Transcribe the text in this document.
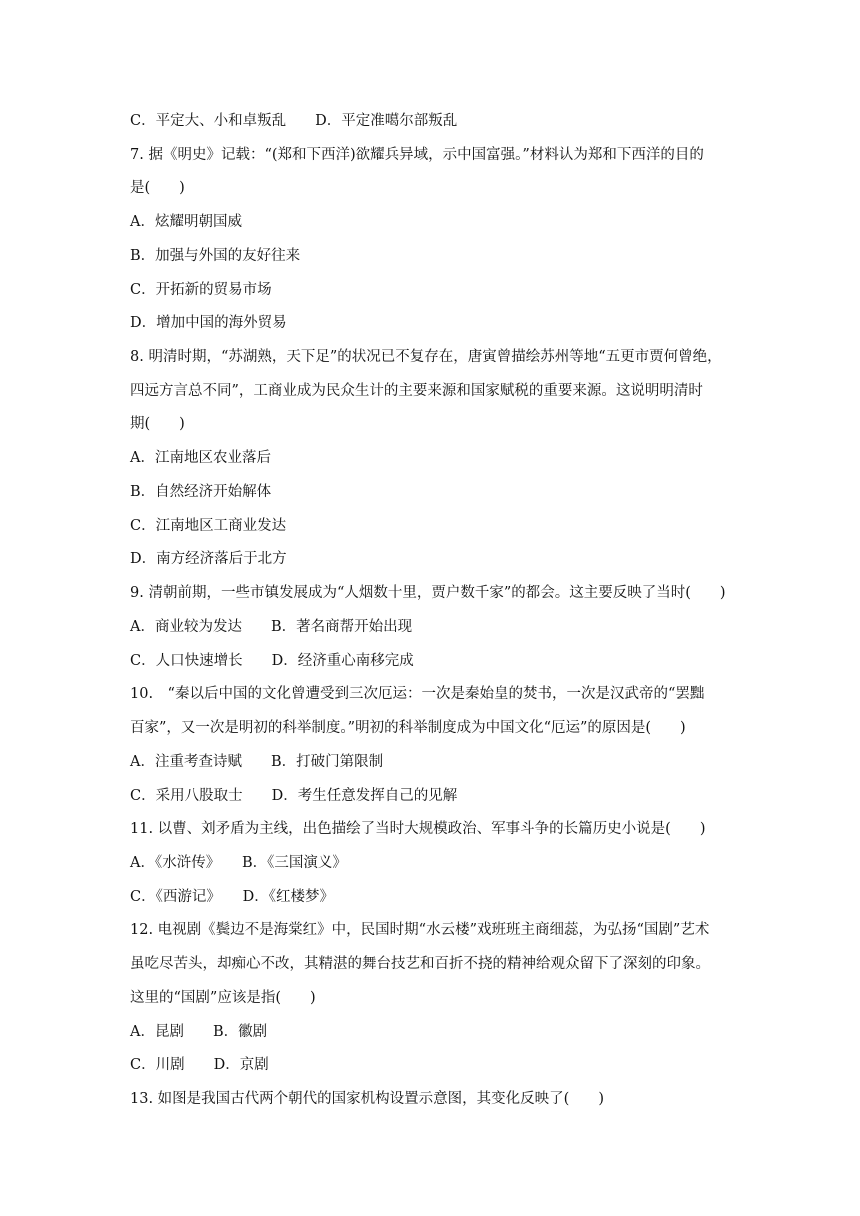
C．平定大、小和卓叛乱　　D．平定准噶尔部叛乱
7. 据《明史》记载：“(郑和下西洋)欲耀兵异域，示中国富强。”材料认为郑和下西洋的目的
是(　　)
A．炫耀明朝国威
B．加强与外国的友好往来
C．开拓新的贸易市场
D．增加中国的海外贸易
8. 明清时期，“苏湖熟，天下足”的状况已不复存在，唐寅曾描绘苏州等地“五更市贾何曾绝，
四远方言总不同”，工商业成为民众生计的主要来源和国家赋税的重要来源。这说明明清时
期(　　)
A．江南地区农业落后
B．自然经济开始解体
C．江南地区工商业发达
D．南方经济落后于北方
9. 清朝前期，一些市镇发展成为“人烟数十里，贾户数千家”的都会。这主要反映了当时(　　)
A．商业较为发达　　B．著名商帮开始出现
C．人口快速增长　　D．经济重心南移完成
10.　“秦以后中国的文化曾遭受到三次厄运：一次是秦始皇的焚书，一次是汉武帝的“罢黜
百家”，又一次是明初的科举制度。”明初的科举制度成为中国文化“厄运”的原因是(　　)
A．注重考查诗赋　　B．打破门第限制
C．采用八股取士　　D．考生任意发挥自己的见解
11. 以曹、刘矛盾为主线，出色描绘了当时大规模政治、军事斗争的长篇历史小说是(　　)
A．《水浒传》　　B．《三国演义》
C．《西游记》　　D．《红楼梦》
12. 电视剧《鬓边不是海棠红》中，民国时期“水云楼”戏班班主商细蕊，为弘扬“国剧”艺术
虽吃尽苦头，却痴心不改，其精湛的舞台技艺和百折不挠的精神给观众留下了深刻的印象。
这里的“国剧”应该是指(　　)
A．昆剧　　B．徽剧
C．川剧　　D．京剧
13. 如图是我国古代两个朝代的国家机构设置示意图，其变化反映了(　　)
